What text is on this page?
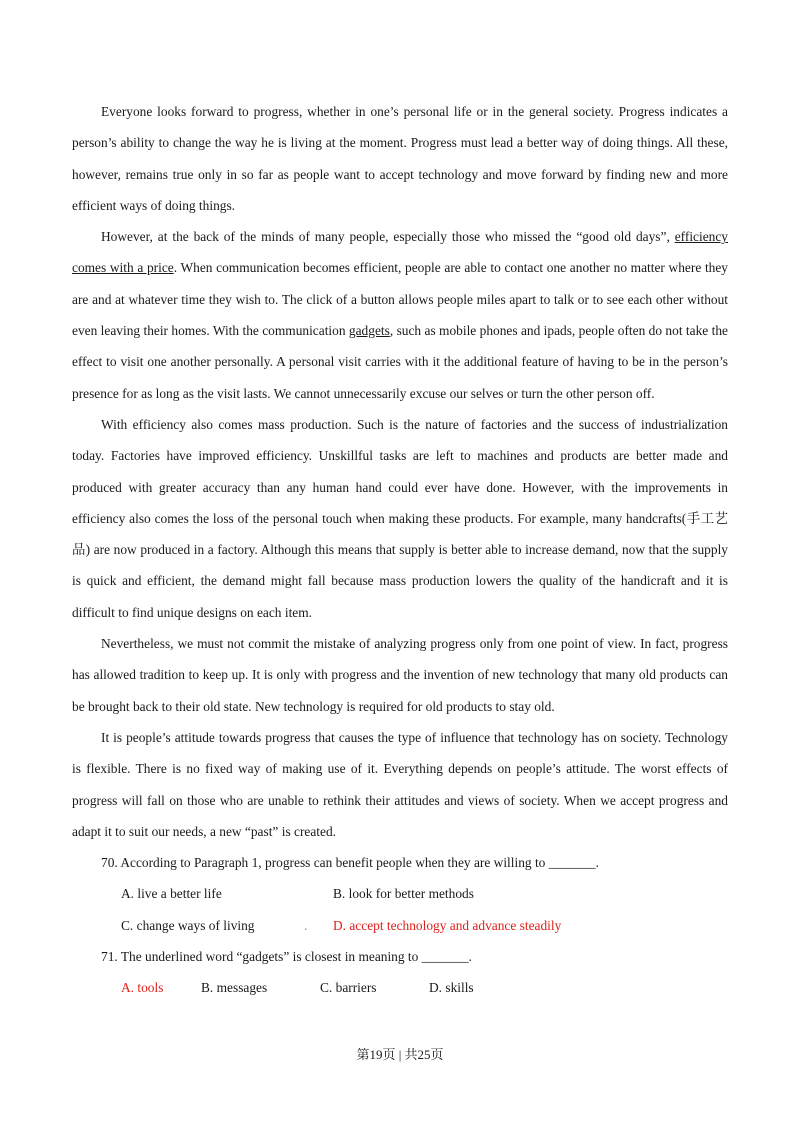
Everyone looks forward to progress, whether in one’s personal life or in the general society. Progress indicates a person’s ability to change the way he is living at the moment. Progress must lead a better way of doing things. All these, however, remains true only in so far as people want to accept technology and move forward by finding new and more efficient ways of doing things.

However, at the back of the minds of many people, especially those who missed the “good old days”, efficiency comes with a price. When communication becomes efficient, people are able to contact one another no matter where they are and at whatever time they wish to. The click of a button allows people miles apart to talk or to see each other without even leaving their homes. With the communication gadgets, such as mobile phones and ipads, people often do not take the effect to visit one another personally. A personal visit carries with it the additional feature of having to be in the person’s presence for as long as the visit lasts. We cannot unnecessarily excuse our selves or turn the other person off.

With efficiency also comes mass production. Such is the nature of factories and the success of industrialization today. Factories have improved efficiency. Unskillful tasks are left to machines and products are better made and produced with greater accuracy than any human hand could ever have done. However, with the improvements in efficiency also comes the loss of the personal touch when making these products. For example, many handcrafts(手工艺品) are now produced in a factory. Although this means that supply is better able to increase demand, now that the supply is quick and efficient, the demand might fall because mass production lowers the quality of the handicraft and it is difficult to find unique designs on each item.

Nevertheless, we must not commit the mistake of analyzing progress only from one point of view. In fact, progress has allowed tradition to keep up. It is only with progress and the invention of new technology that many old products can be brought back to their old state. New technology is required for old products to stay old.

It is people’s attitude towards progress that causes the type of influence that technology has on society. Technology is flexible. There is no fixed way of making use of it. Everything depends on people’s attitude. The worst effects of progress will fall on those who are unable to rethink their attitudes and views of society. When we accept progress and adapt it to suit our needs, a new “past” is created.

70. According to Paragraph 1, progress can benefit people when they are willing to _______.

A. live a better life	B. look for better methods
C. change ways of living	. D. accept technology and advance steadily

71. The underlined word “gadgets” is closest in meaning to _______.

A. tools	B. messages	C. barriers	D. skills
第19页 | 共25页
